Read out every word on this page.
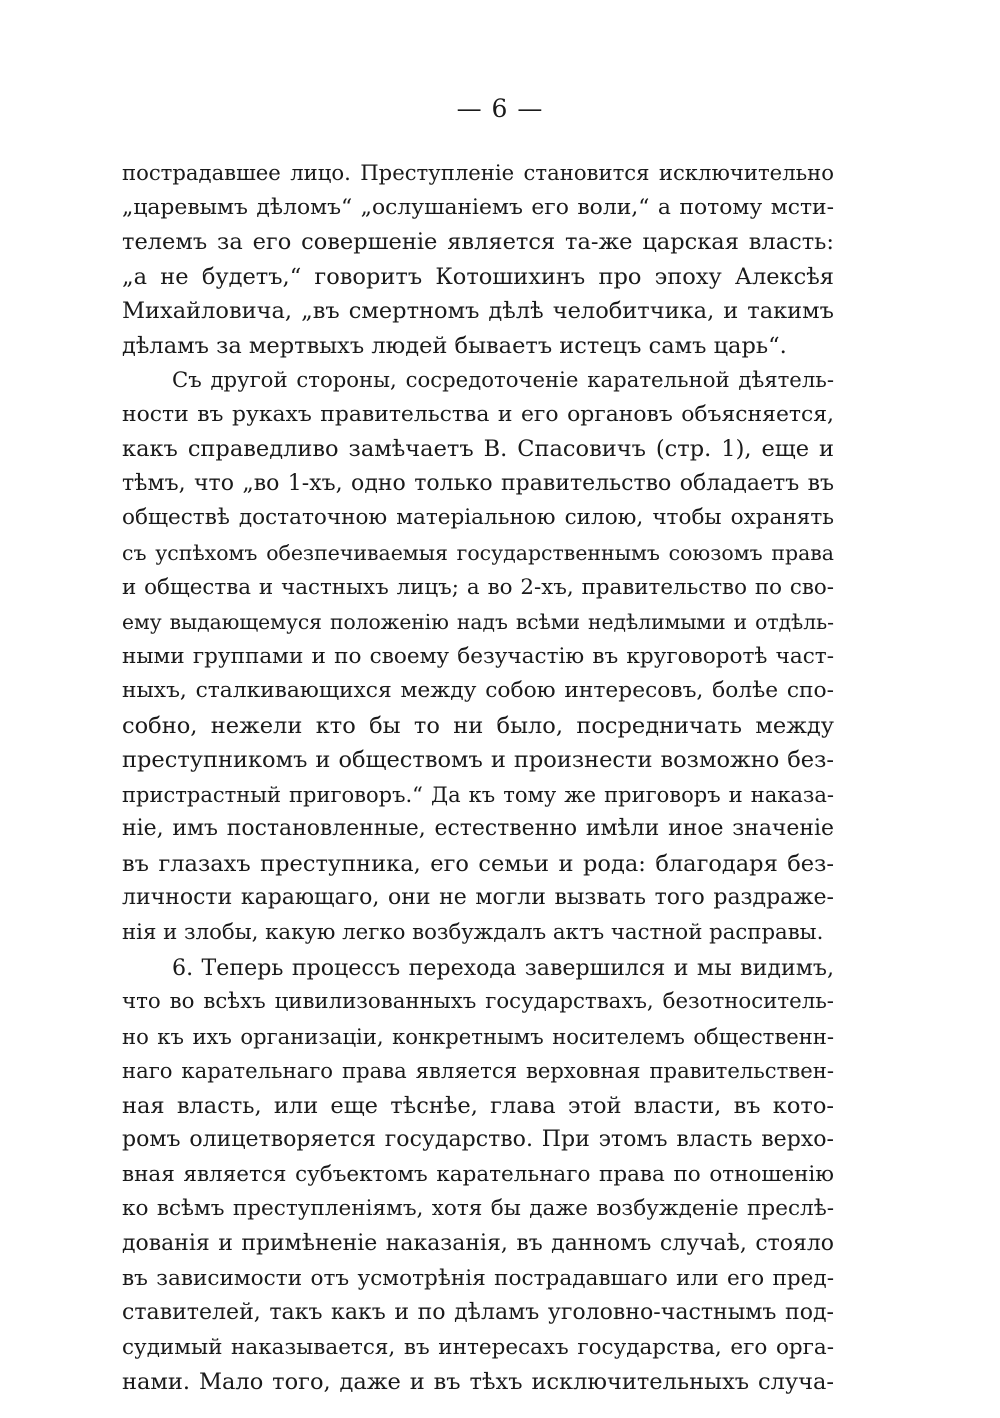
— 6 —
пострадавшее лицо. Преступленіе становится исключительно
„царевымъ дѣломъ“ „ослушаніемъ его воли,“ а потому мсти-
телемъ за его совершеніе является та-же царская власть:
„а не будетъ,“ говоритъ Котошихинъ про эпоху Алексѣя
Михайловича, „въ смертномъ дѣлѣ челобитчика, и такимъ
дѣламъ за мертвыхъ людей бываетъ истецъ самъ царь“.
Съ другой стороны, сосредоточеніе карательной дѣятель-
ности въ рукахъ правительства и его органовъ объясняется,
какъ справедливо замѣчаетъ В. Спасовичъ (стр. 1), еще и
тѣмъ, что „во 1-хъ, одно только правительство обладаетъ въ
обществѣ достаточною матеріальною силою, чтобы охранять
съ успѣхомъ обезпечиваемыя государственнымъ союзомъ права
и общества и частныхъ лицъ; а во 2-хъ, правительство по сво-
ему выдающемуся положенію надъ всѣми недѣлимыми и отдѣль-
ными группами и по своему безучастію въ круговоротѣ част-
ныхъ, сталкивающихся между собою интересовъ, болѣе спо-
собно, нежели кто бы то ни было, посредничать между
преступникомъ и обществомъ и произнести возможно без-
пристрастный приговоръ.“ Да къ тому же приговоръ и наказа-
ніе, имъ постановленные, естественно имѣли иное значеніе
въ глазахъ преступника, его семьи и рода: благодаря без-
личности карающаго, они не могли вызвать того раздраже-
нія и злобы, какую легко возбуждалъ актъ частной расправы.
6. Теперь процессъ перехода завершился и мы видимъ,
что во всѣхъ цивилизованныхъ государствахъ, безотноситель-
но къ ихъ организаціи, конкретнымъ носителемъ общественн-
наго карательнаго права является верховная правительствен-
ная власть, или еще тѣснѣе, глава этой власти, въ кото-
ромъ олицетворяется государство. При этомъ власть верхо-
вная является субъектомъ карательнаго права по отношенію
ко всѣмъ преступленіямъ, хотя бы даже возбужденіе преслѣ-
дованія и примѣненіе наказанія, въ данномъ случаѣ, стояло
въ зависимости отъ усмотрѣнія пострадавшаго или его пред-
ставителей, такъ какъ и по дѣламъ уголовно-частнымъ под-
судимый наказывается, въ интересахъ государства, его орга-
нами. Мало того, даже и въ тѣхъ исключительныхъ случа-
